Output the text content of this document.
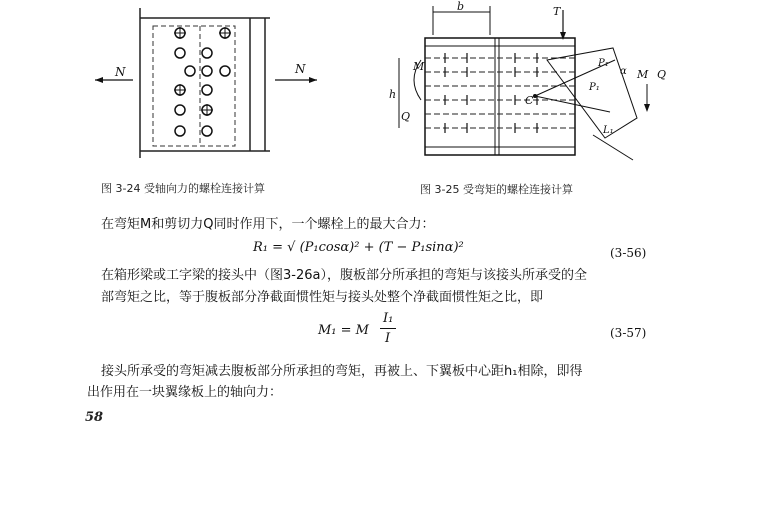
N	N
图 3-24 受轴向力的螺栓连接计算
b	T
M
h
Q
C
P₁
P₁
α
L₁
M Q
图 3-25 受弯矩的螺栓连接计算
在弯矩M和剪切力Q同时作用下，一个螺栓上的最大合力：
R₁ = √ (P₁cosα)² + (T − P₁sinα)²	(3-56)
在箱形梁或工字梁的接头中（图3-26a），腹板部分所承担的弯矩与该接头所承受的全
部弯矩之比，等于腹板部分净截面惯性矩与接头处整个净截面惯性矩之比，即
M₁ = M
I₁
I	(3-57)
接头所承受的弯矩减去腹板部分所承担的弯矩，再被上、下翼板中心距h₁相除，即得
出作用在一块翼缘板上的轴向力：
58
